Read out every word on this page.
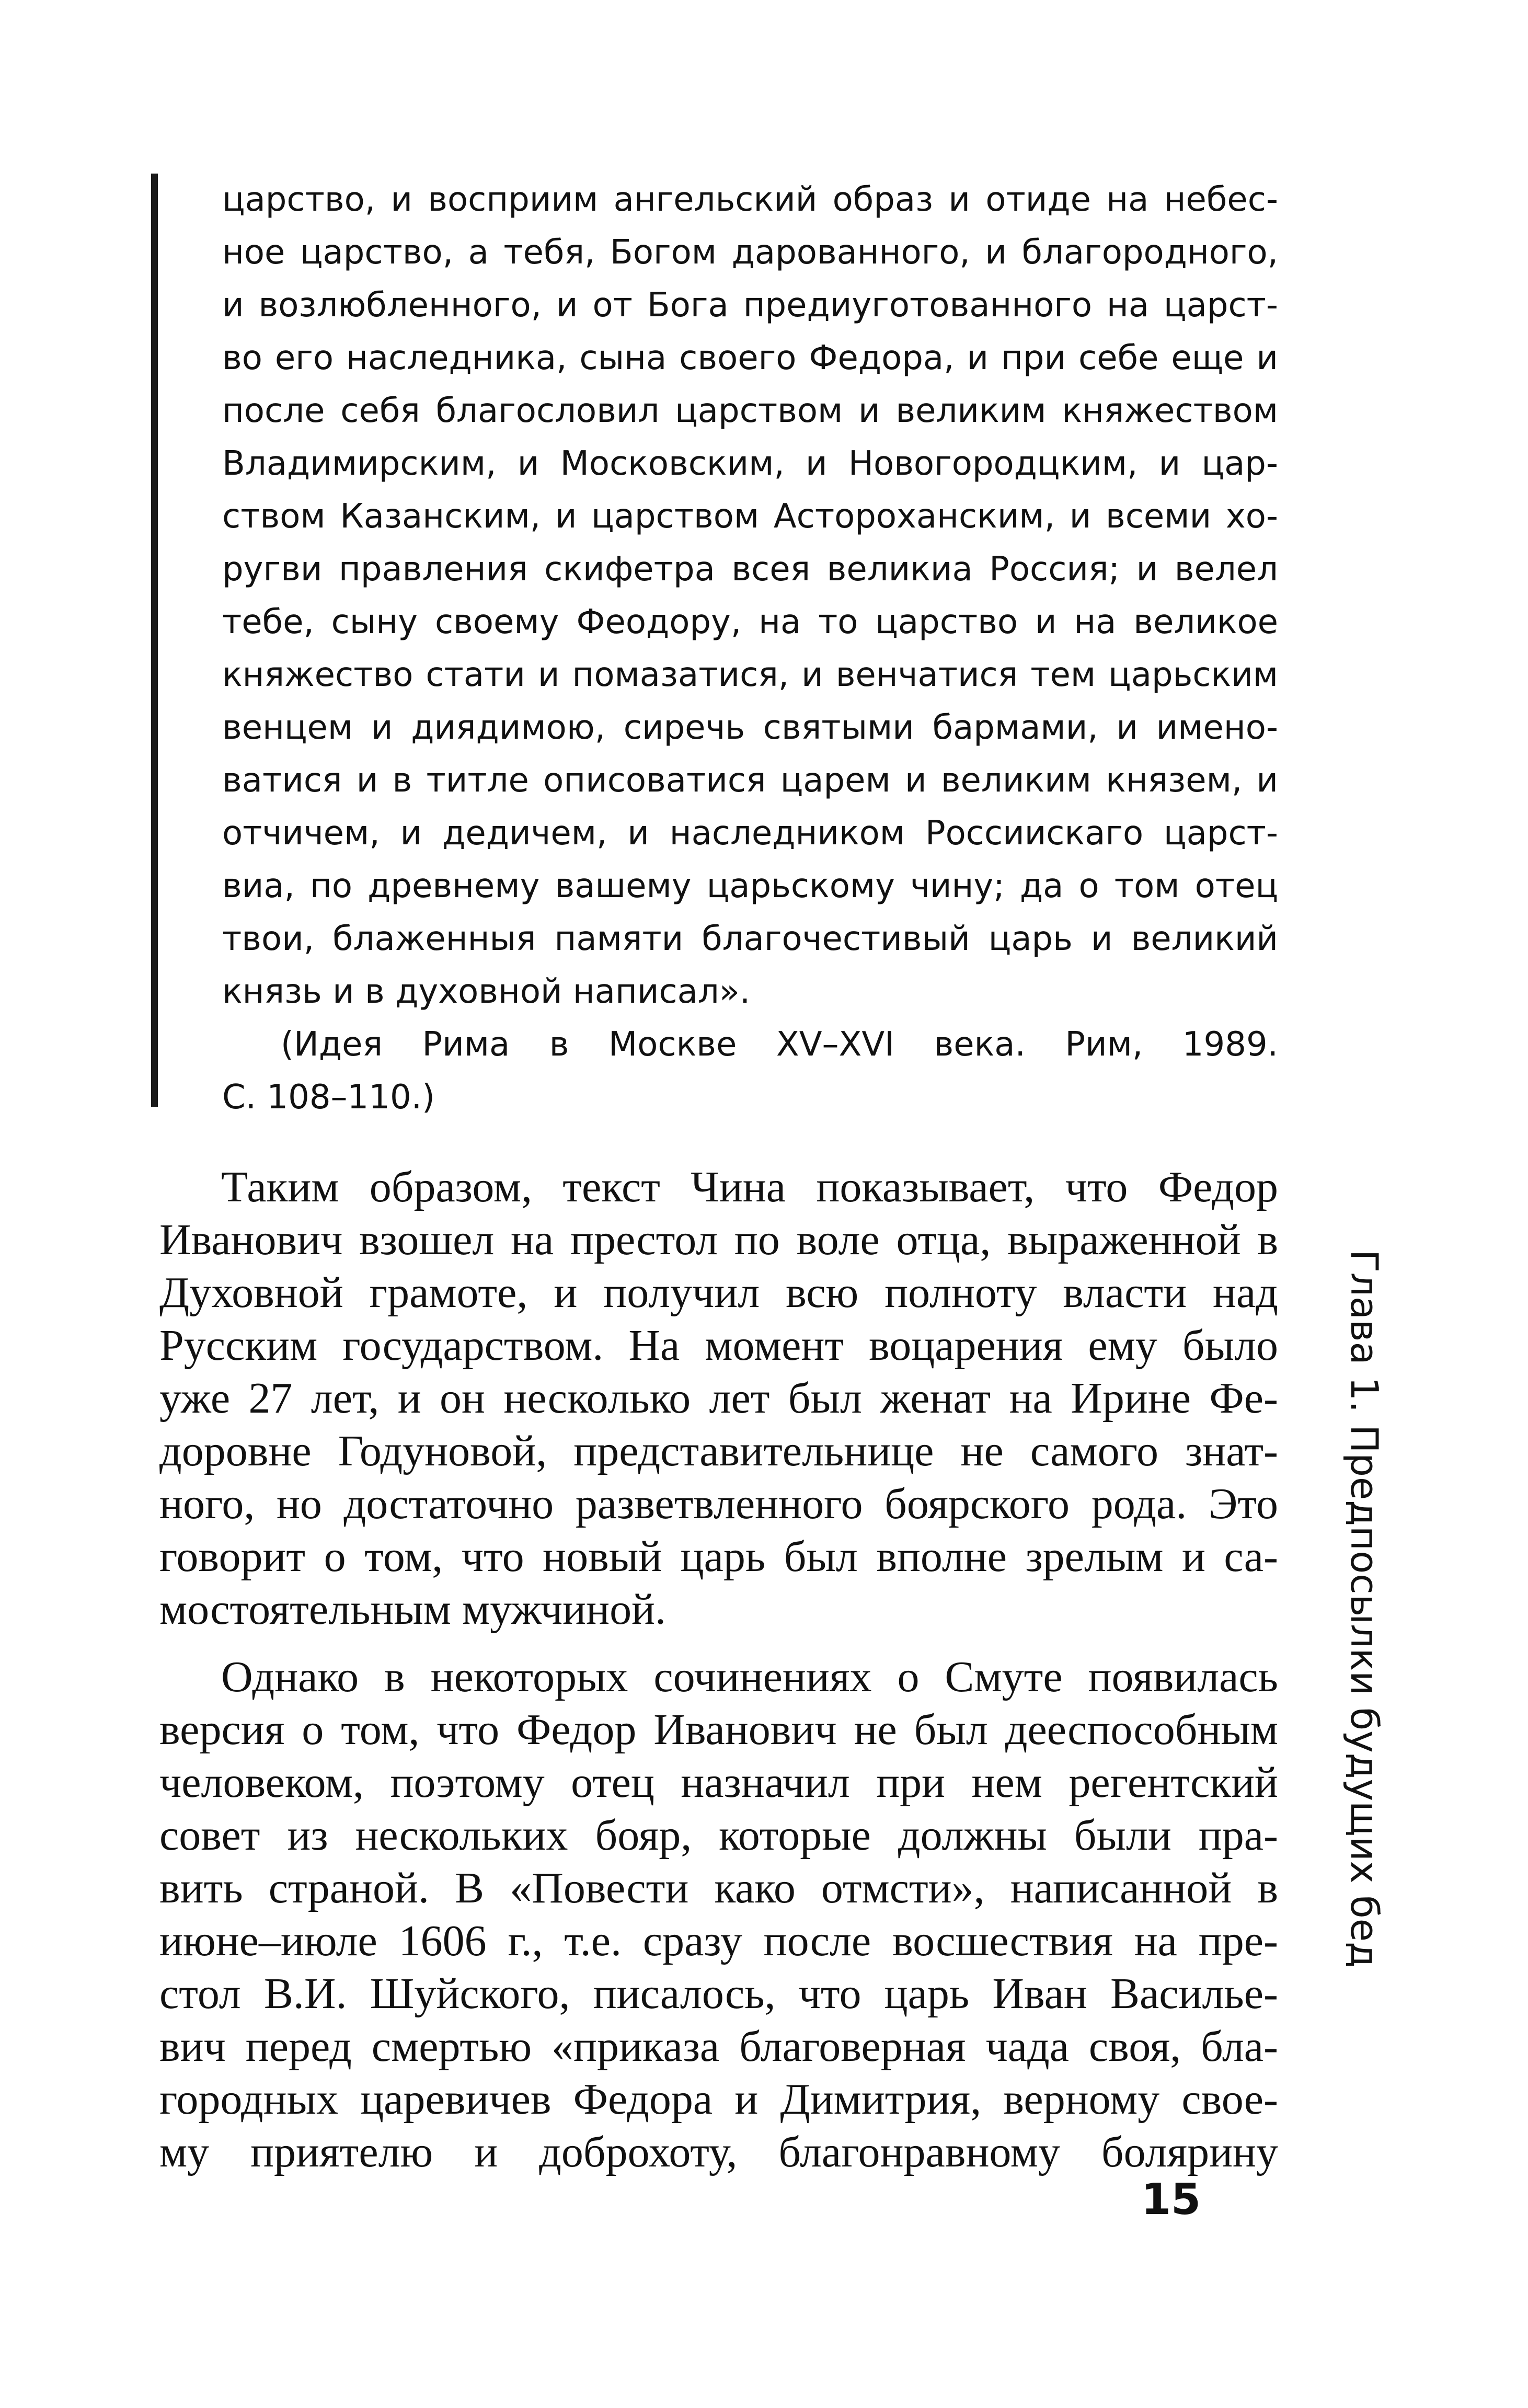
царство, и восприим ангельский образ и отиде на небес-
ное царство, а тебя, Богом дарованного, и благородного,
и возлюбленного, и от Бога предиуготованного на царст-
во его наследника, сына своего Федора, и при себе еще и
после себя благословил царством и великим княжеством
Владимирским, и Московским, и Новогородцким, и цар-
ством Казанским, и царством Астороханским, и всеми хо-
ругви правления скифетра всея великиа Россия; и велел
тебе, сыну своему Феодору, на то царство и на великое
княжество стати и помазатися, и венчатися тем царьским
венцем и диядимою, сиречь святыми бармами, и имено-
ватися и в титле описоватися царем и великим князем, и
отчичем, и дедичем, и наследником Россиискаго царст-
виа, по древнему вашему царьскому чину; да о том отец
твои, блаженныя памяти благочестивый царь и великий
князь и в духовной написал».
(Идея Рима в Москве XV–XVI века. Рим, 1989.
С. 108–110.)
Таким образом, текст Чина показывает, что Федор
Иванович взошел на престол по воле отца, выраженной в
Духовной грамоте, и получил всю полноту власти над
Русским государством. На момент воцарения ему было
уже 27 лет, и он несколько лет был женат на Ирине Фе-
доровне Годуновой, представительнице не самого знат-
ного, но достаточно разветвленного боярского рода. Это
говорит о том, что новый царь был вполне зрелым и са-
мостоятельным мужчиной.
Однако в некоторых сочинениях о Смуте появилась
версия о том, что Федор Иванович не был дееспособным
человеком, поэтому отец назначил при нем регентский
совет из нескольких бояр, которые должны были пра-
вить страной. В «Повести како отмсти», написанной в
июне–июле 1606 г., т.е. сразу после восшествия на пре-
стол В.И. Шуйского, писалось, что царь Иван Василье-
вич перед смертью «приказа благоверная чада своя, бла-
городных царевичев Федора и Димитрия, верному свое-
му приятелю и доброхоту, благонравному болярину
Глава 1. Предпосылки будущих бед
15
